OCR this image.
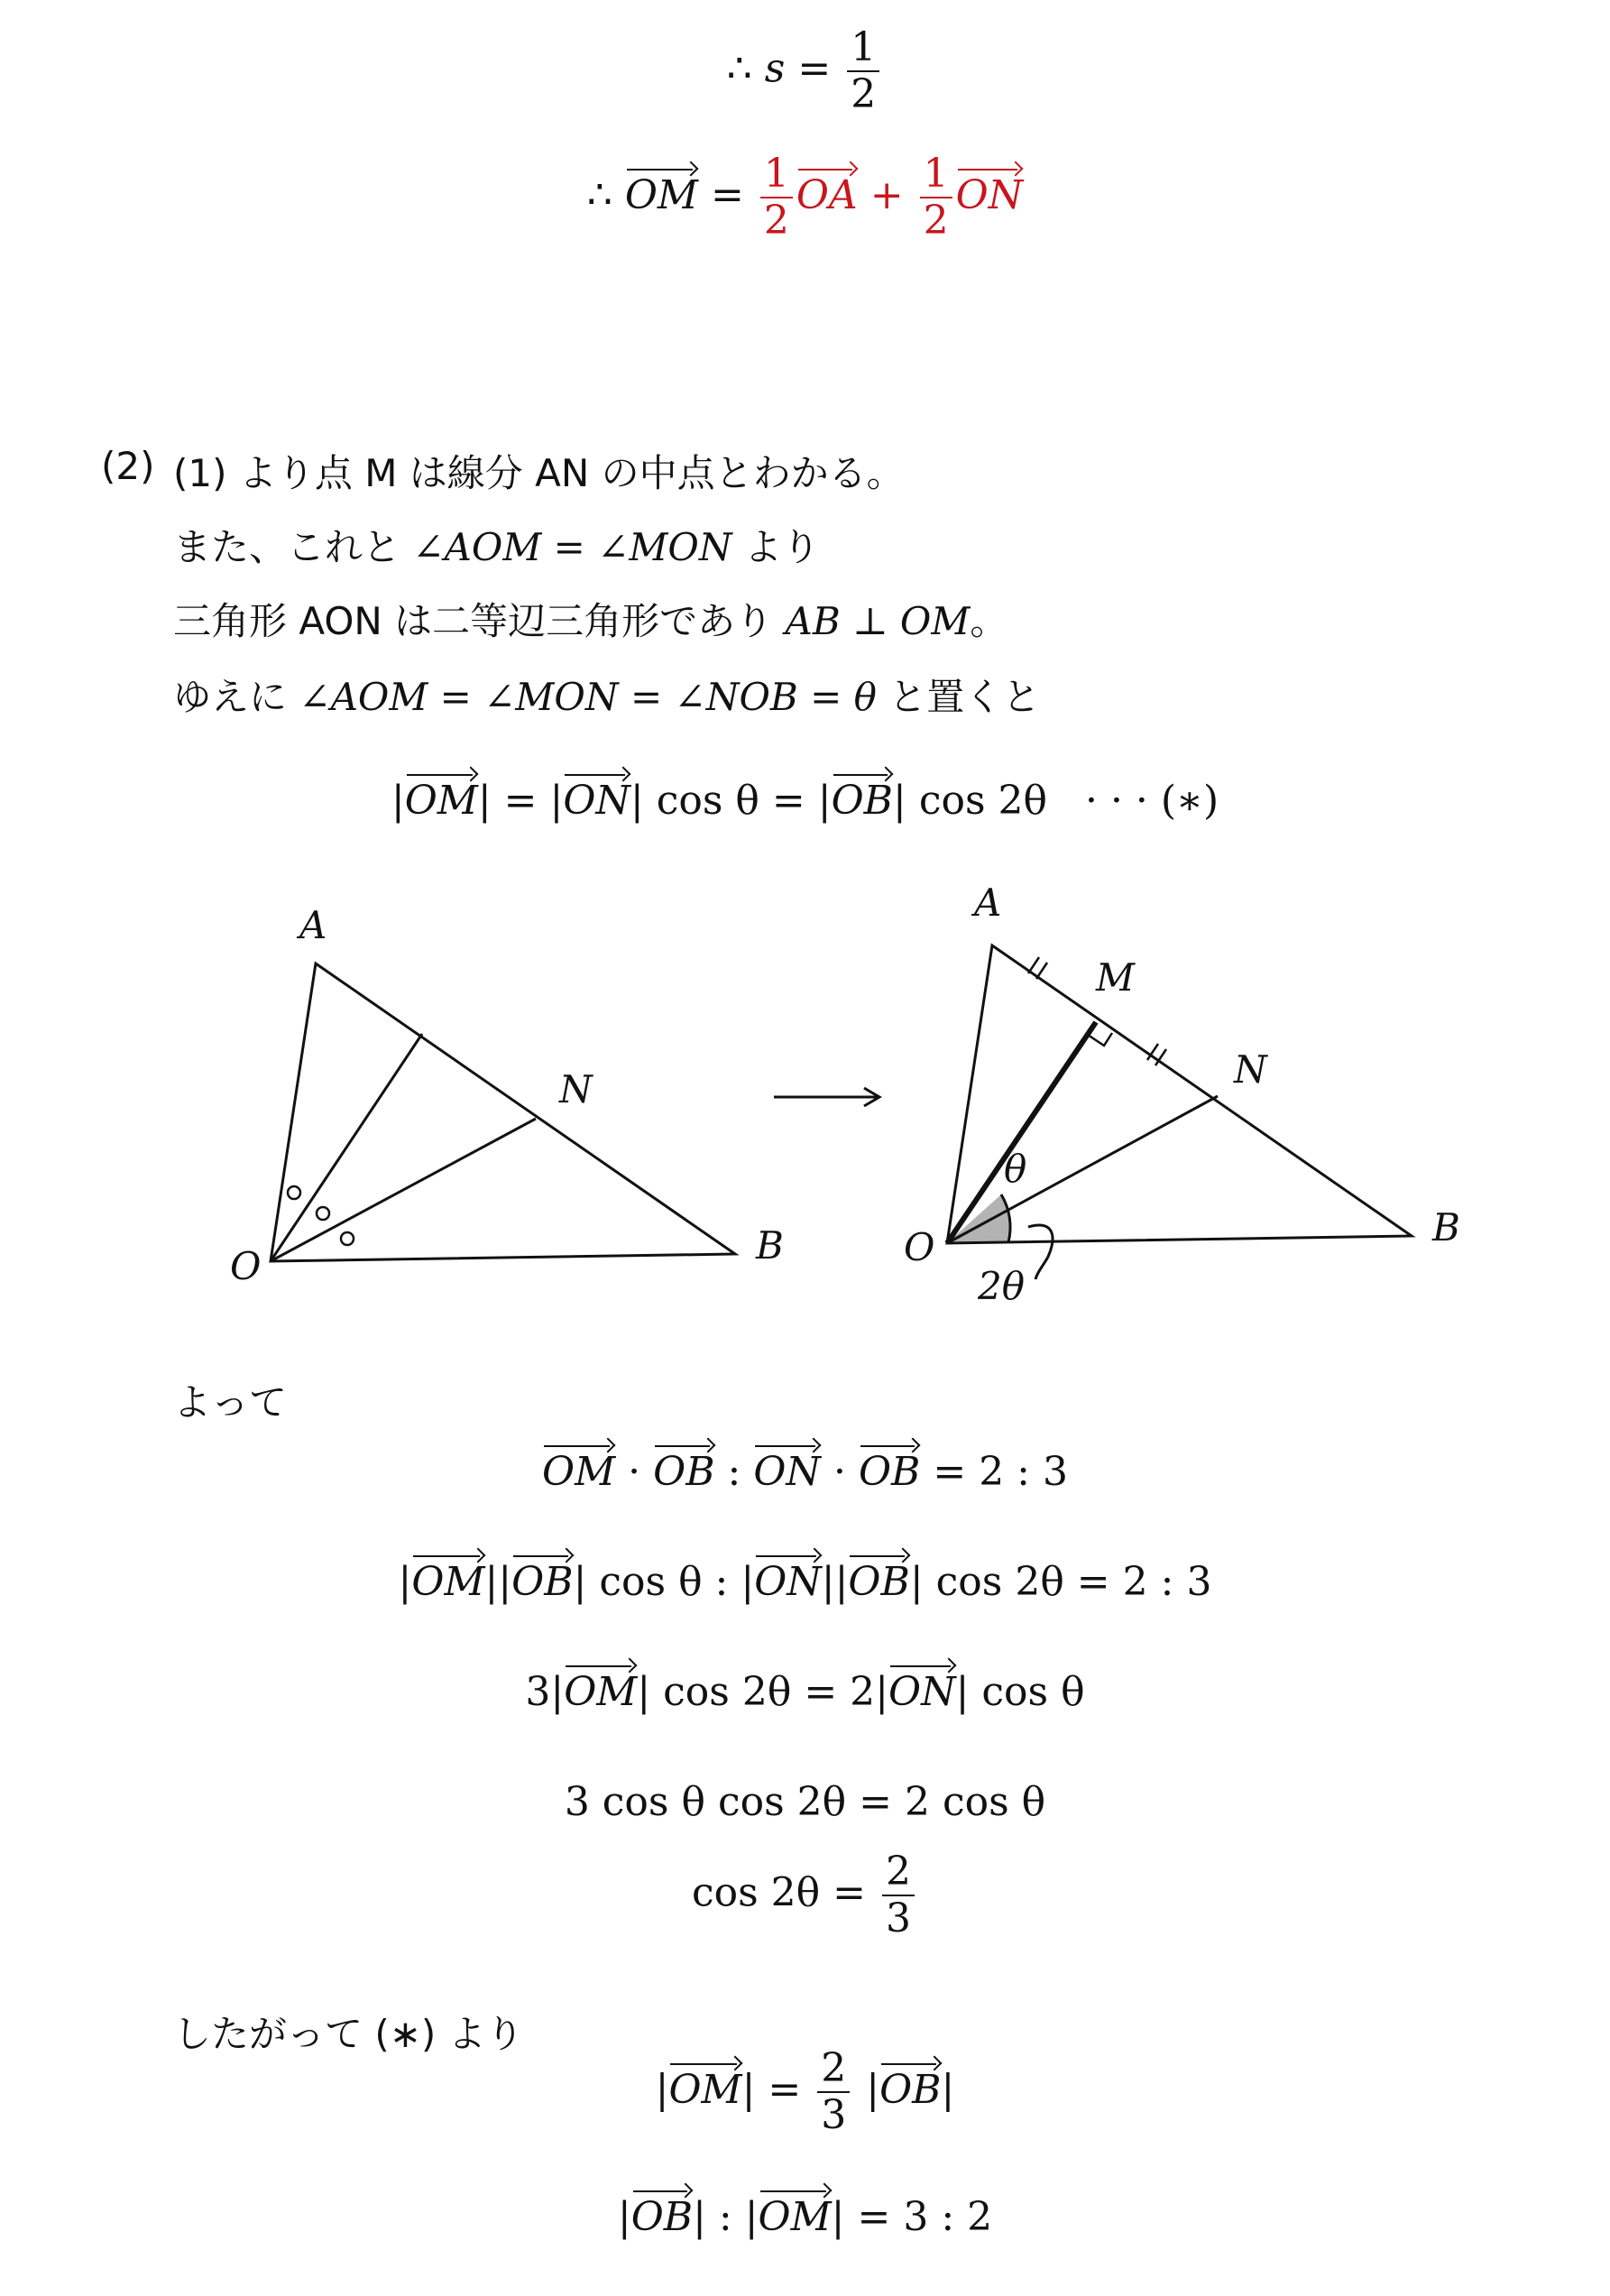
∴ $s = \frac{1}{2}$
∴ OM = $\frac{1}{2}$ OA + $\frac{1}{2}$ ON
(2) (1) より点 M は線分 AN の中点とわかる。
また、これと ∠AOM = ∠MON より
三角形 AON は二等辺三角形であり AB ⊥ OM。
ゆえに ∠AOM = ∠MON = ∠NOB = θ と置くと
|OM| = |ON| cos θ = |OB| cos 2θ · · · (∗)
A
N
B
O
A
M
N
B
O
θ
2θ
よって
OM · OB : ON · OB = 2 : 3
|OM||OB| cos θ : |ON||OB| cos 2θ = 2 : 3
3|OM| cos 2θ = 2|ON| cos θ
3 cos θ cos 2θ = 2 cos θ
$\cos 2\theta = \frac{2}{3}$
したがって (∗) より
$|OM| = \frac{2}{3} |OB|$
|OB| : |OM| = 3 : 2
